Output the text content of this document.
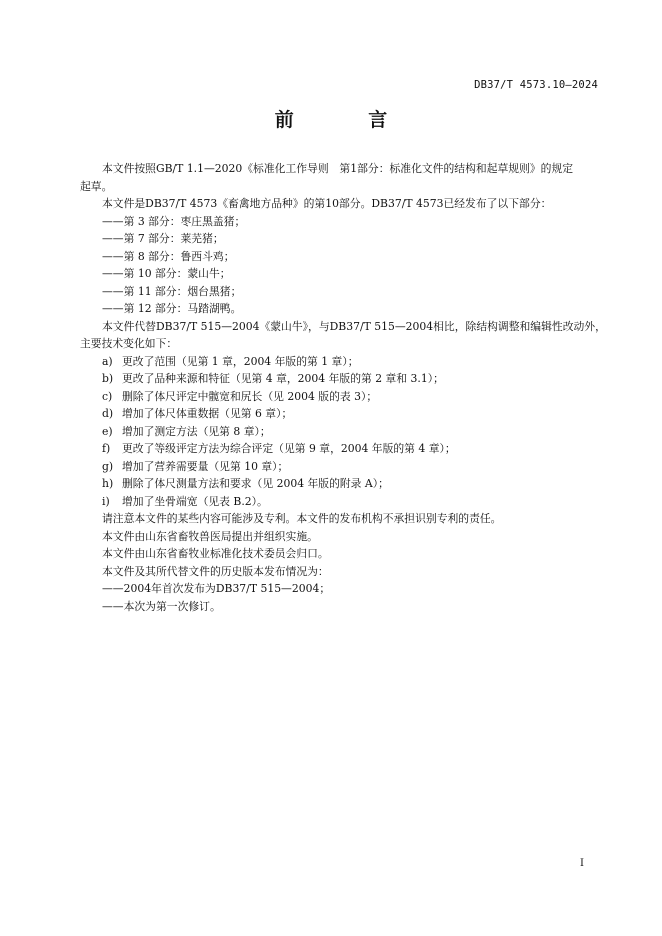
DB37/T 4573.10—2024
前 言
本文件按照GB/T 1.1—2020《标准化工作导则　第1部分：标准化文件的结构和起草规则》的规定
起草。
本文件是DB37/T 4573《畜禽地方品种》的第10部分。DB37/T 4573已经发布了以下部分：
——第 3 部分：枣庄黑盖猪；
——第 7 部分：莱芜猪；
——第 8 部分：鲁西斗鸡；
——第 10 部分：蒙山牛；
——第 11 部分：烟台黑猪；
——第 12 部分：马踏湖鸭。
本文件代替DB37/T 515—2004《蒙山牛》，与DB37/T 515—2004相比，除结构调整和编辑性改动外，
主要技术变化如下：
a) 更改了范围（见第 1 章，2004 年版的第 1 章）；
b) 更改了品种来源和特征（见第 4 章，2004 年版的第 2 章和 3.1）；
c) 删除了体尺评定中髋宽和尻长（见 2004 版的表 3）；
d) 增加了体尺体重数据（见第 6 章）；
e) 增加了测定方法（见第 8 章）；
f)	更改了等级评定方法为综合评定（见第 9 章，2004 年版的第 4 章）；
g) 增加了营养需要量（见第 10 章）；
h) 删除了体尺测量方法和要求（见 2004 年版的附录 A）；
i)	增加了坐骨端宽（见表 B.2）。
请注意本文件的某些内容可能涉及专利。本文件的发布机构不承担识别专利的责任。
本文件由山东省畜牧兽医局提出并组织实施。
本文件由山东省畜牧业标准化技术委员会归口。
本文件及其所代替文件的历史版本发布情况为：
——2004年首次发布为DB37/T 515—2004；
——本次为第一次修订。
I
